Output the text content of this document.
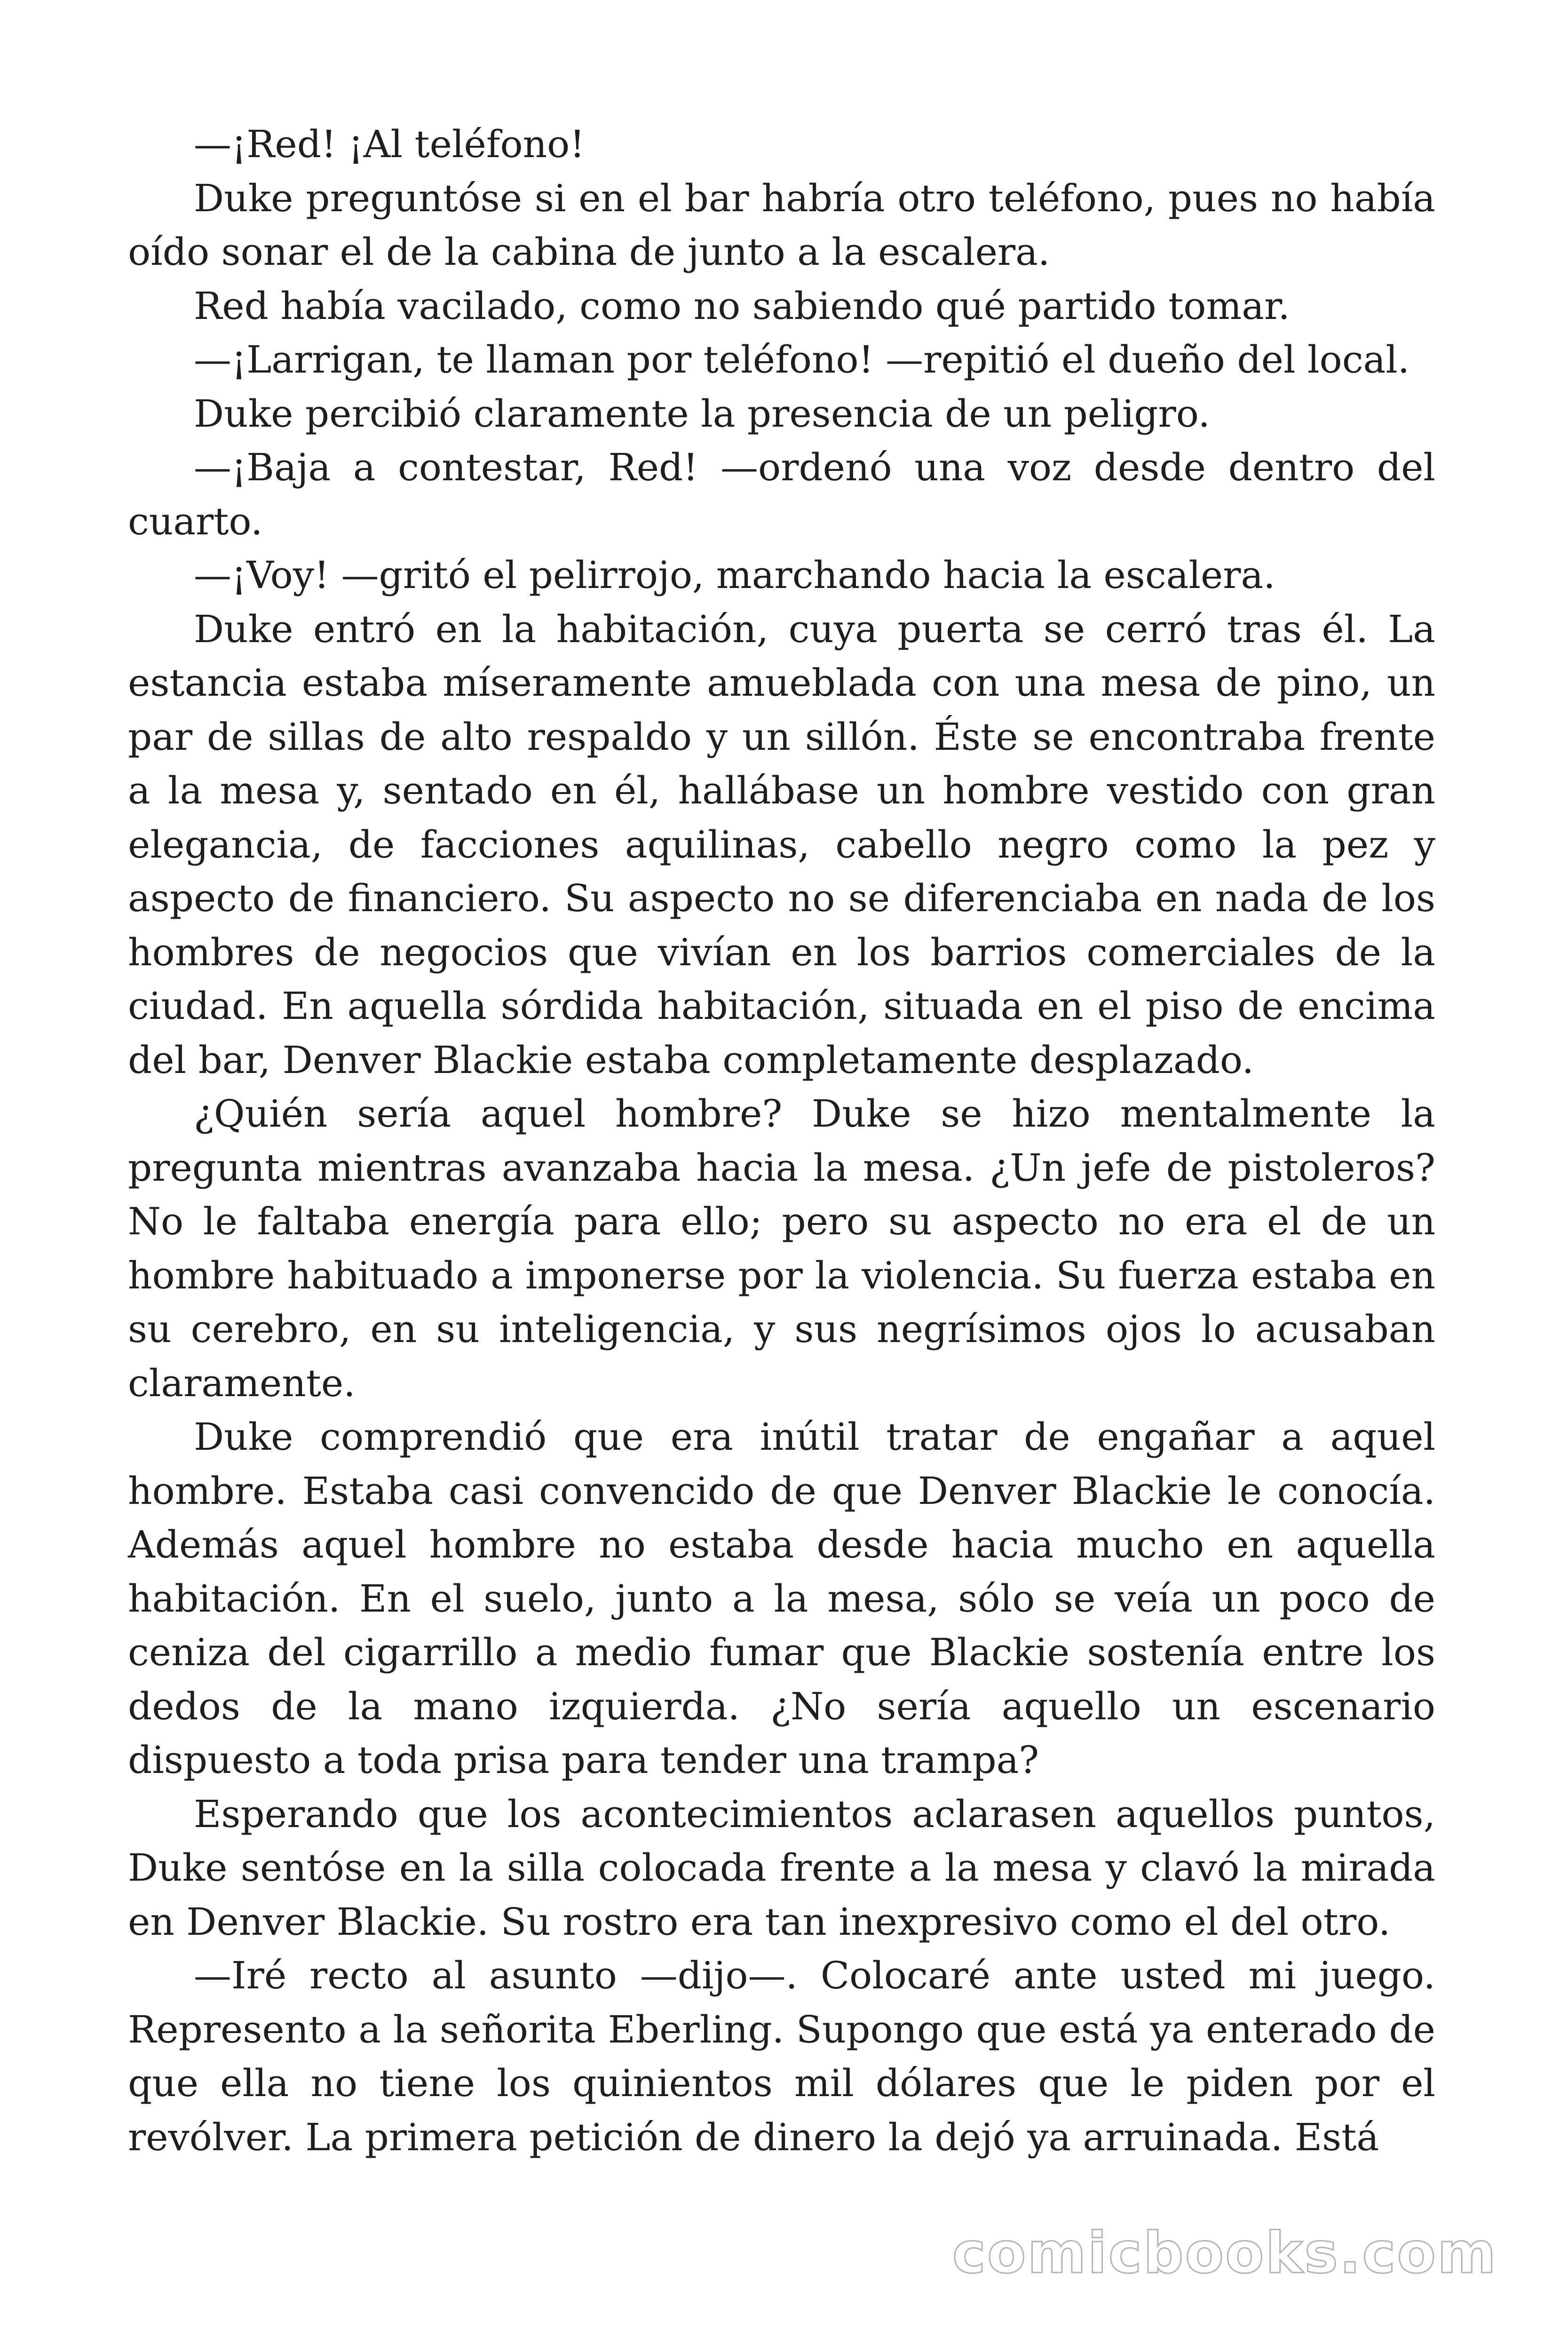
—¡Red! ¡Al teléfono!

Duke preguntóse si en el bar habría otro teléfono, pues no había oído sonar el de la cabina de junto a la escalera.

Red había vacilado, como no sabiendo qué partido tomar.

—¡Larrigan, te llaman por teléfono! —repitió el dueño del local.

Duke percibió claramente la presencia de un peligro.

—¡Baja a contestar, Red! —ordenó una voz desde dentro del cuarto.

—¡Voy! —gritó el pelirrojo, marchando hacia la escalera.

Duke entró en la habitación, cuya puerta se cerró tras él. La estancia estaba míseramente amueblada con una mesa de pino, un par de sillas de alto respaldo y un sillón. Éste se encontraba frente a la mesa y, sentado en él, hallábase un hombre vestido con gran elegancia, de facciones aquilinas, cabello negro como la pez y aspecto de financiero. Su aspecto no se diferenciaba en nada de los hombres de negocios que vivían en los barrios comerciales de la ciudad. En aquella sórdida habitación, situada en el piso de encima del bar, Denver Blackie estaba completamente desplazado.

¿Quién sería aquel hombre? Duke se hizo mentalmente la pregunta mientras avanzaba hacia la mesa. ¿Un jefe de pistoleros? No le faltaba energía para ello; pero su aspecto no era el de un hombre habituado a imponerse por la violencia. Su fuerza estaba en su cerebro, en su inteligencia, y sus negrísimos ojos lo acusaban claramente.

Duke comprendió que era inútil tratar de engañar a aquel hombre. Estaba casi convencido de que Denver Blackie le conocía. Además aquel hombre no estaba desde hacia mucho en aquella habitación. En el suelo, junto a la mesa, sólo se veía un poco de ceniza del cigarrillo a medio fumar que Blackie sostenía entre los dedos de la mano izquierda. ¿No sería aquello un escenario dispuesto a toda prisa para tender una trampa?

Esperando que los acontecimientos aclarasen aquellos puntos, Duke sentóse en la silla colocada frente a la mesa y clavó la mirada en Denver Blackie. Su rostro era tan inexpresivo como el del otro.

—Iré recto al asunto —dijo—. Colocaré ante usted mi juego. Represento a la señorita Eberling. Supongo que está ya enterado de que ella no tiene los quinientos mil dólares que le piden por el revólver. La primera petición de dinero la dejó ya arruinada. Está

comicbooks.com
